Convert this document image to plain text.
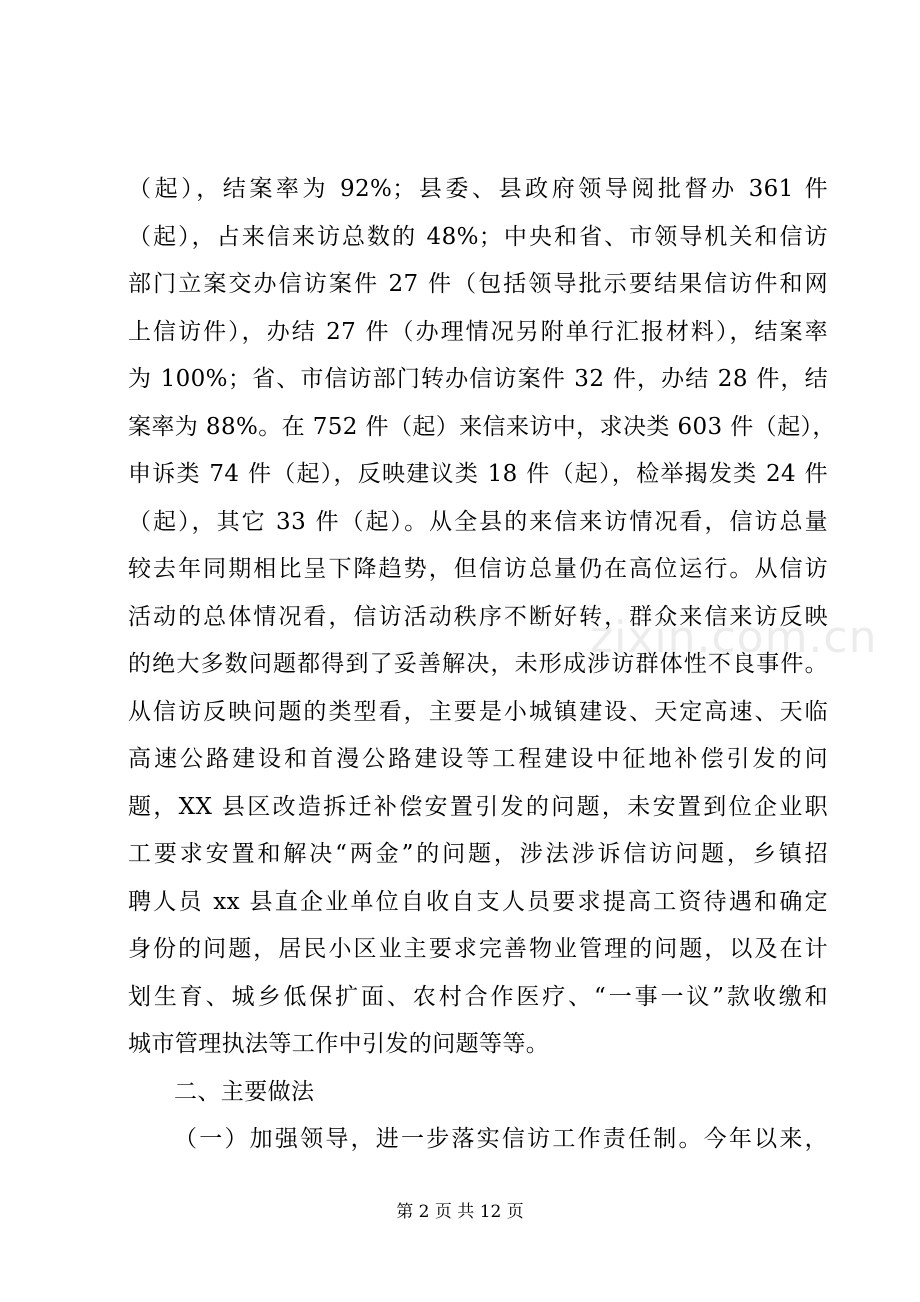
（起），结案率为 92%；县委、县政府领导阅批督办 361 件
（起），占来信来访总数的 48%；中央和省、市领导机关和信访
部门立案交办信访案件 27 件（包括领导批示要结果信访件和网
上信访件），办结 27 件（办理情况另附单行汇报材料），结案率
为 100%；省、市信访部门转办信访案件 32 件，办结 28 件，结
案率为 88%。在 752 件（起）来信来访中，求决类 603 件（起），
申诉类 74 件（起），反映建议类 18 件（起），检举揭发类 24 件
（起），其它 33 件（起）。从全县的来信来访情况看，信访总量
较去年同期相比呈下降趋势，但信访总量仍在高位运行。从信访
活动的总体情况看，信访活动秩序不断好转，群众来信来访反映
的绝大多数问题都得到了妥善解决，未形成涉访群体性不良事件。
从信访反映问题的类型看，主要是小城镇建设、天定高速、天临
高速公路建设和首漫公路建设等工程建设中征地补偿引发的问
题，XX 县区改造拆迁补偿安置引发的问题，未安置到位企业职
工要求安置和解决“两金”的问题，涉法涉诉信访问题，乡镇招
聘人员 xx 县直企业单位自收自支人员要求提高工资待遇和确定
身份的问题，居民小区业主要求完善物业管理的问题，以及在计
划生育、城乡低保扩面、农村合作医疗、“一事一议”款收缴和
城市管理执法等工作中引发的问题等等。
二、主要做法
（一）加强领导，进一步落实信访工作责任制。今年以来，
zixin.com.cn
第 2 页 共 12 页
